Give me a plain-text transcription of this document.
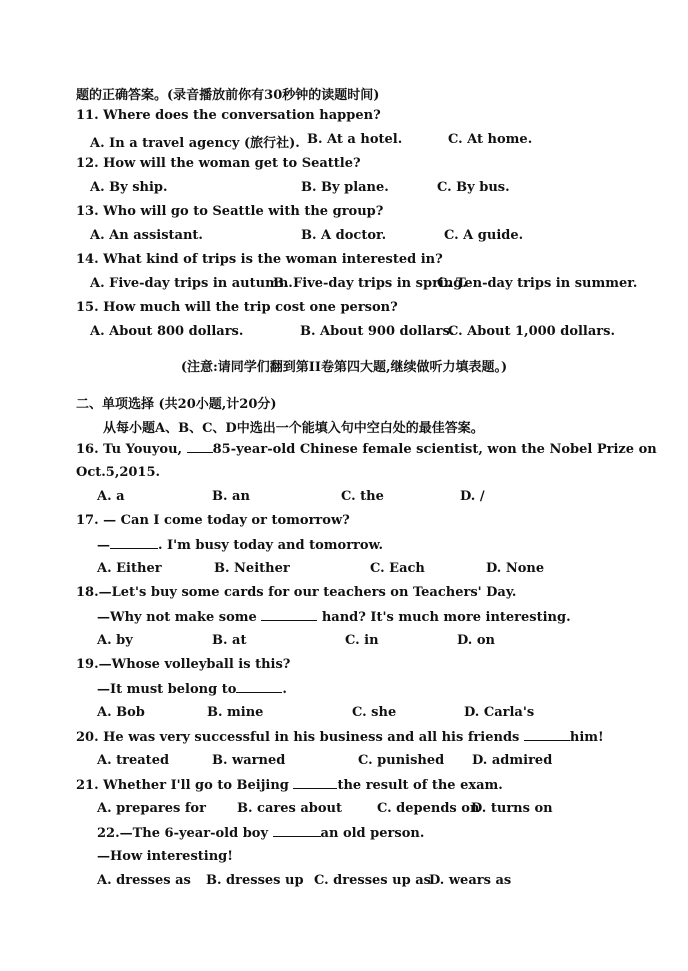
题的正确答案。(录音播放前你有30秒钟的读题时间)
11. Where does the conversation happen?
A. In a travel agency (旅行社). B. At a hotel.	C. At home.
12. How will the woman get to Seattle?
A. By ship.	B. By plane.	C. By bus.
13. Who will go to Seattle with the group?
A. An assistant.	B. A doctor.	C. A guide.
14. What kind of trips is the woman interested in?
A. Five-day trips in autumn.
B. Five-day trips in spring.
C. Ten-day trips in summer.
15. How much will the trip cost one person?
A. About 800 dollars.	B. About 900 dollars.
C. About 1,000 dollars.
(注意:请同学们翻到第II卷第四大题,继续做听力填表题。)
二、单项选择 (共20小题,计20分)
从每小题A、B、C、D中选出一个能填入句中空白处的最佳答案。
16. Tu Youyou, 85-year-old Chinese female scientist, won the Nobel Prize on
Oct.5,2015.
A. a	B. an	C. the	D. /
17. — Can I come today or tomorrow?
—	. I'm busy today and tomorrow.
A. Either	B. Neither	C. Each	D. None
18.—Let's buy some cards for our teachers on Teachers' Day.
—Why not make some	hand? It's much more interesting.
A. by	B. at	C. in	D. on
19.—Whose volleyball is this?
—It must belong to	.
A. Bob	B. mine	C. she	D. Carla's
20. He was very successful in his business and all his friends	him!
A. treated	B. warned	C. punished D. admired
21. Whether I'll go to Beijing	the result of the exam.
A. prepares for B. cares about	C. depends on
D. turns on
22.—The 6-year-old boy	an old person.
—How interesting!
A. dresses as B. dresses up C. dresses up as
D. wears as
